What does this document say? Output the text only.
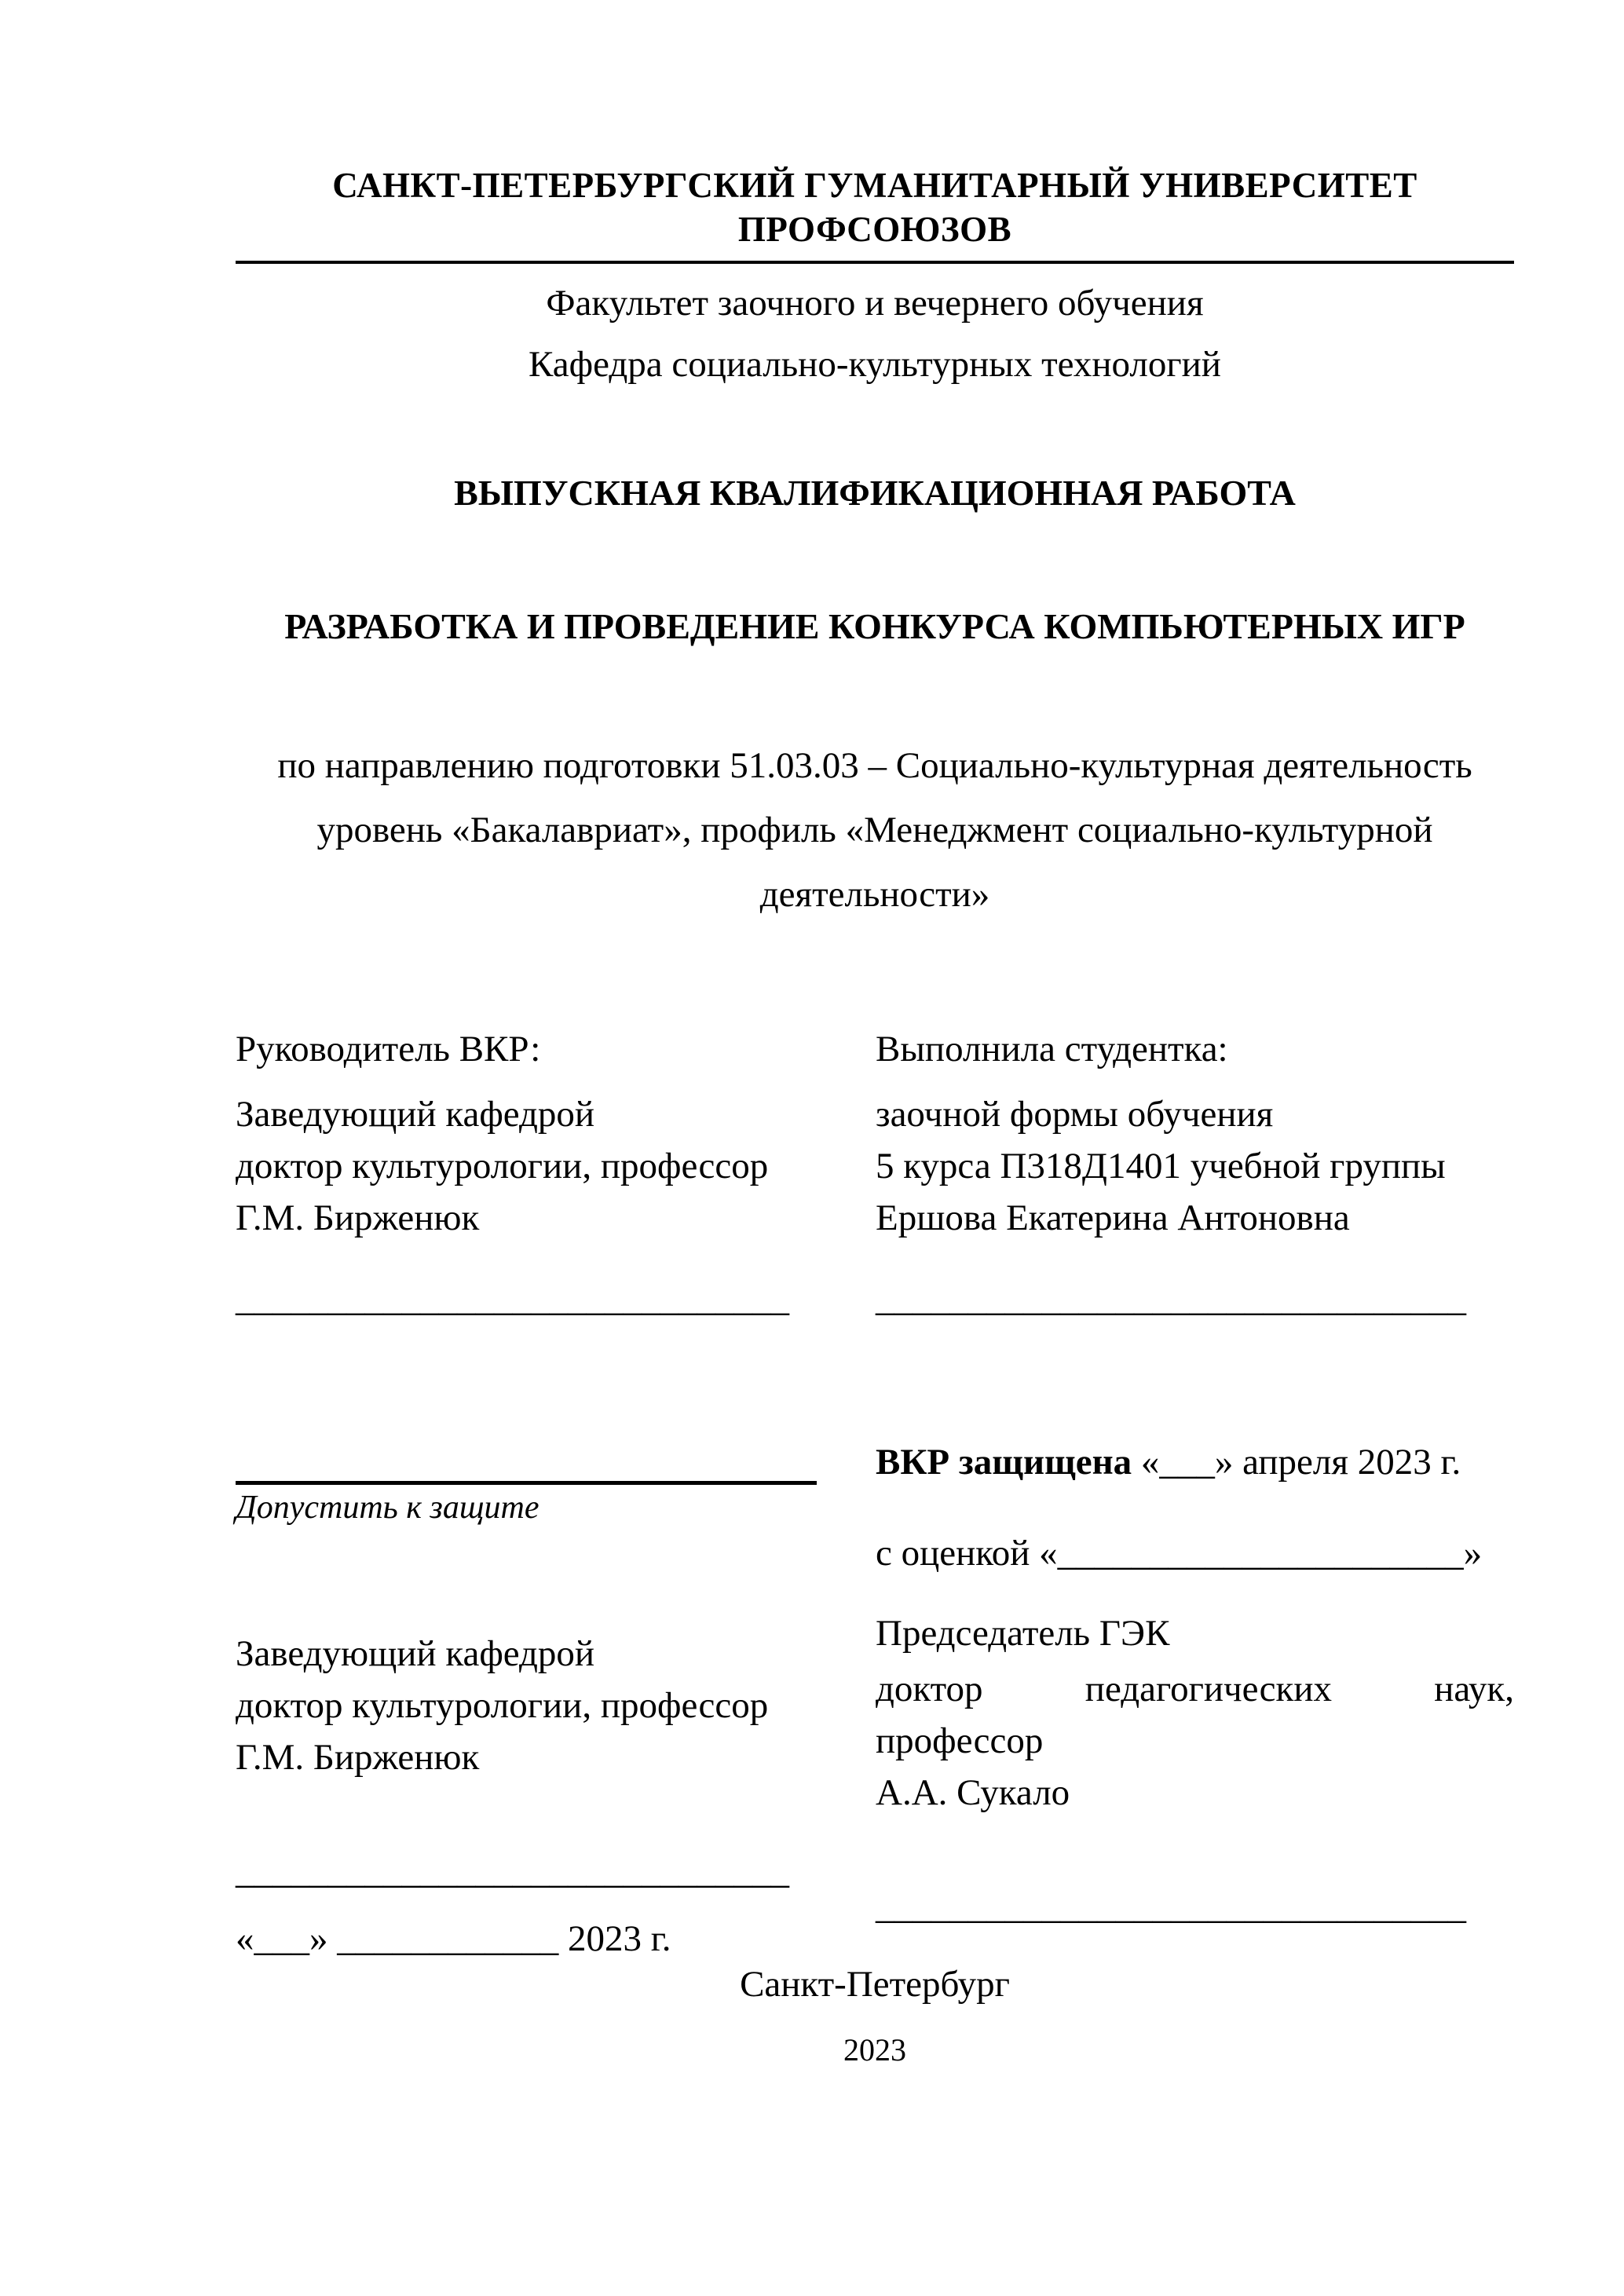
САНКТ-ПЕТЕРБУРГСКИЙ ГУМАНИТАРНЫЙ УНИВЕРСИТЕТ ПРОФСОЮЗОВ
Факультет заочного и вечернего обучения
Кафедра социально-культурных технологий
ВЫПУСКНАЯ КВАЛИФИКАЦИОННАЯ РАБОТА
РАЗРАБОТКА И ПРОВЕДЕНИЕ КОНКУРСА КОМПЬЮТЕРНЫХ ИГР
по направлению подготовки 51.03.03 – Социально-культурная деятельность
уровень «Бакалавриат», профиль «Менеджмент социально-культурной
деятельности»
Руководитель ВКР:
Заведующий кафедрой
доктор культурологии, профессор
Г.М. Бирженюк
______________________________
Выполнила студентка:
заочной формы обучения
5 курса П318Д1401 учебной группы
Ершова Екатерина Антоновна
________________________________
Допустить к защите
Заведующий кафедрой
доктор культурологии, профессор
Г.М. Бирженюк
______________________________
«___» ____________ 2023 г.
ВКР защищена «___» апреля 2023 г.
с оценкой «______________________»
Председатель ГЭК
доктор педагогических наук,
профессор
А.А. Сукало
________________________________
Санкт-Петербург
2023
